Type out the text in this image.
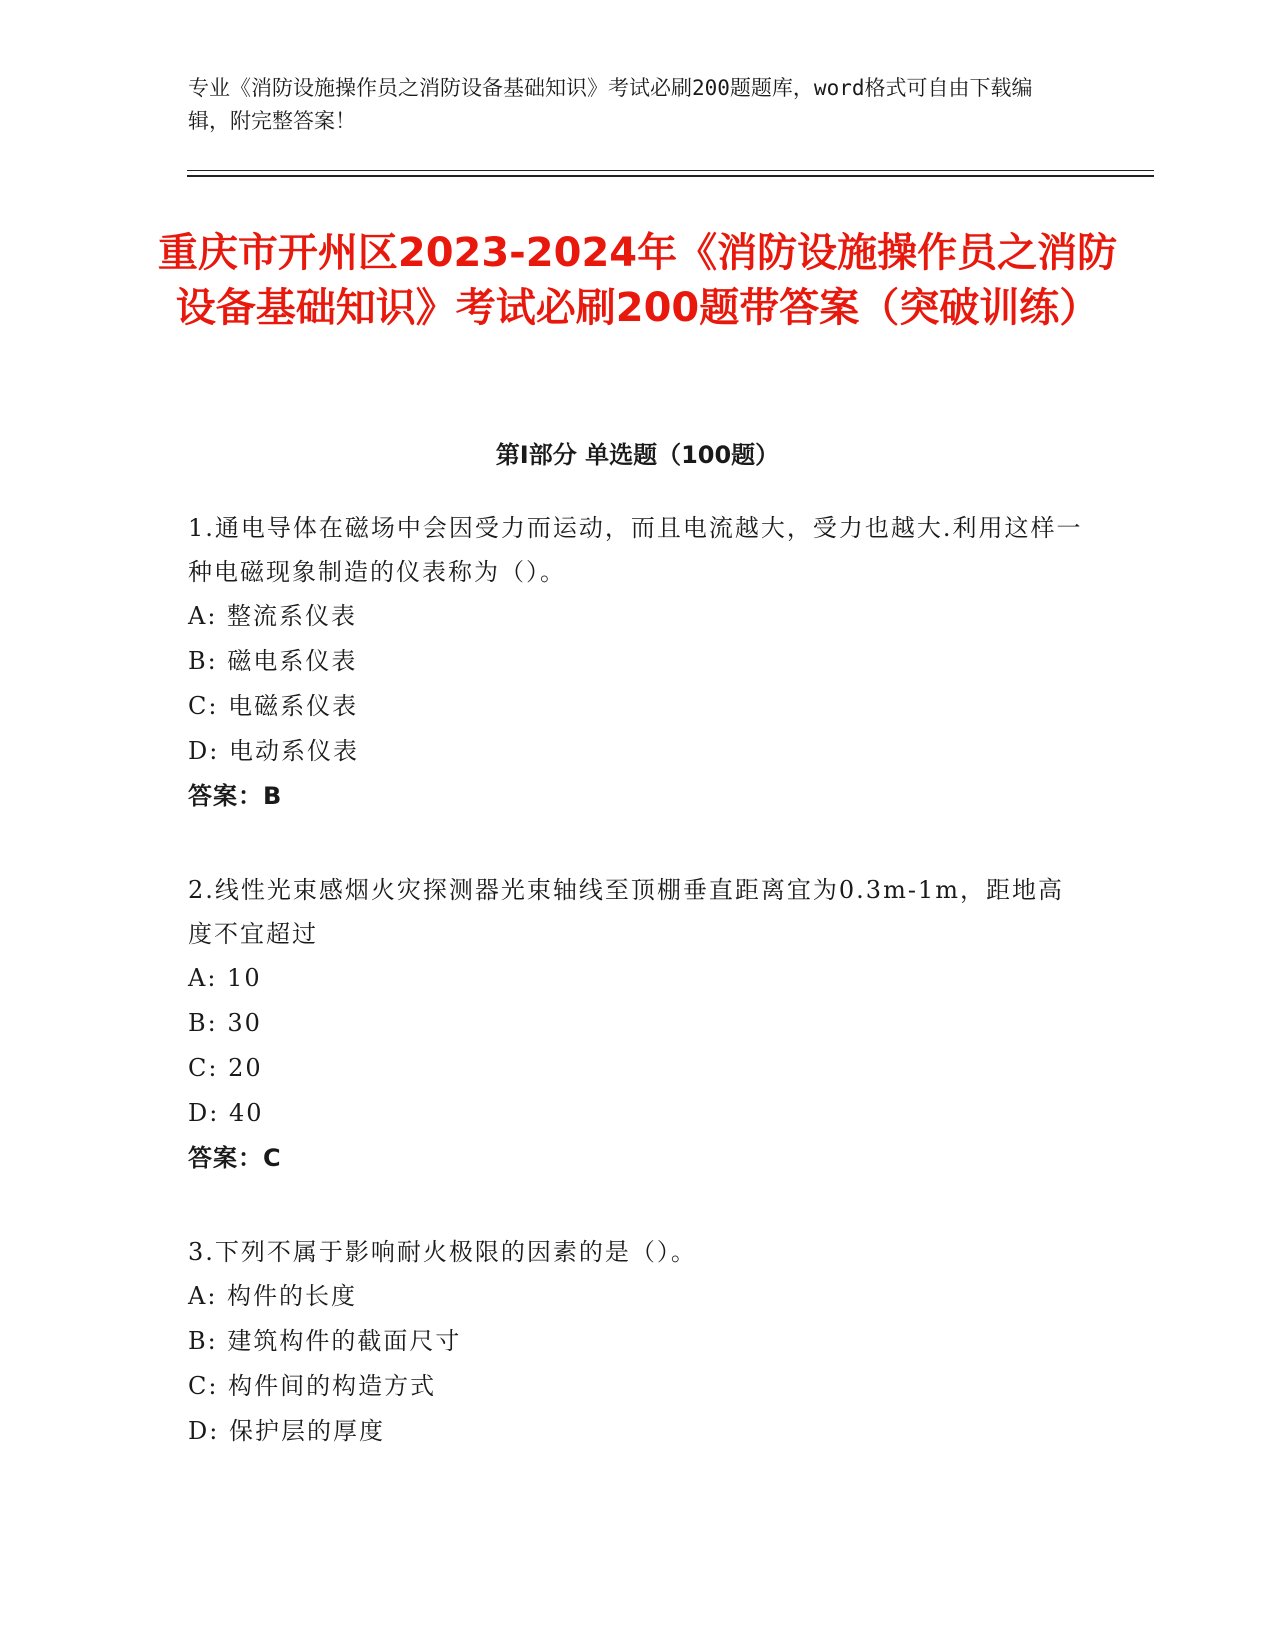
专业《消防设施操作员之消防设备基础知识》考试必刷200题题库，word格式可自由下载编辑，附完整答案！
重庆市开州区2023-2024年《消防设施操作员之消防设备基础知识》考试必刷200题带答案（突破训练）
第Ⅰ部分 单选题（100题）
1.通电导体在磁场中会因受力而运动，而且电流越大，受力也越大.利用这样一种电磁现象制造的仪表称为（）。
A: 整流系仪表
B: 磁电系仪表
C: 电磁系仪表
D: 电动系仪表
答案：B
2.线性光束感烟火灾探测器光束轴线至顶棚垂直距离宜为0.3m-1m，距地高度不宜超过
A: 10
B: 30
C: 20
D: 40
答案：C
3.下列不属于影响耐火极限的因素的是（）。
A: 构件的长度
B: 建筑构件的截面尺寸
C: 构件间的构造方式
D: 保护层的厚度
